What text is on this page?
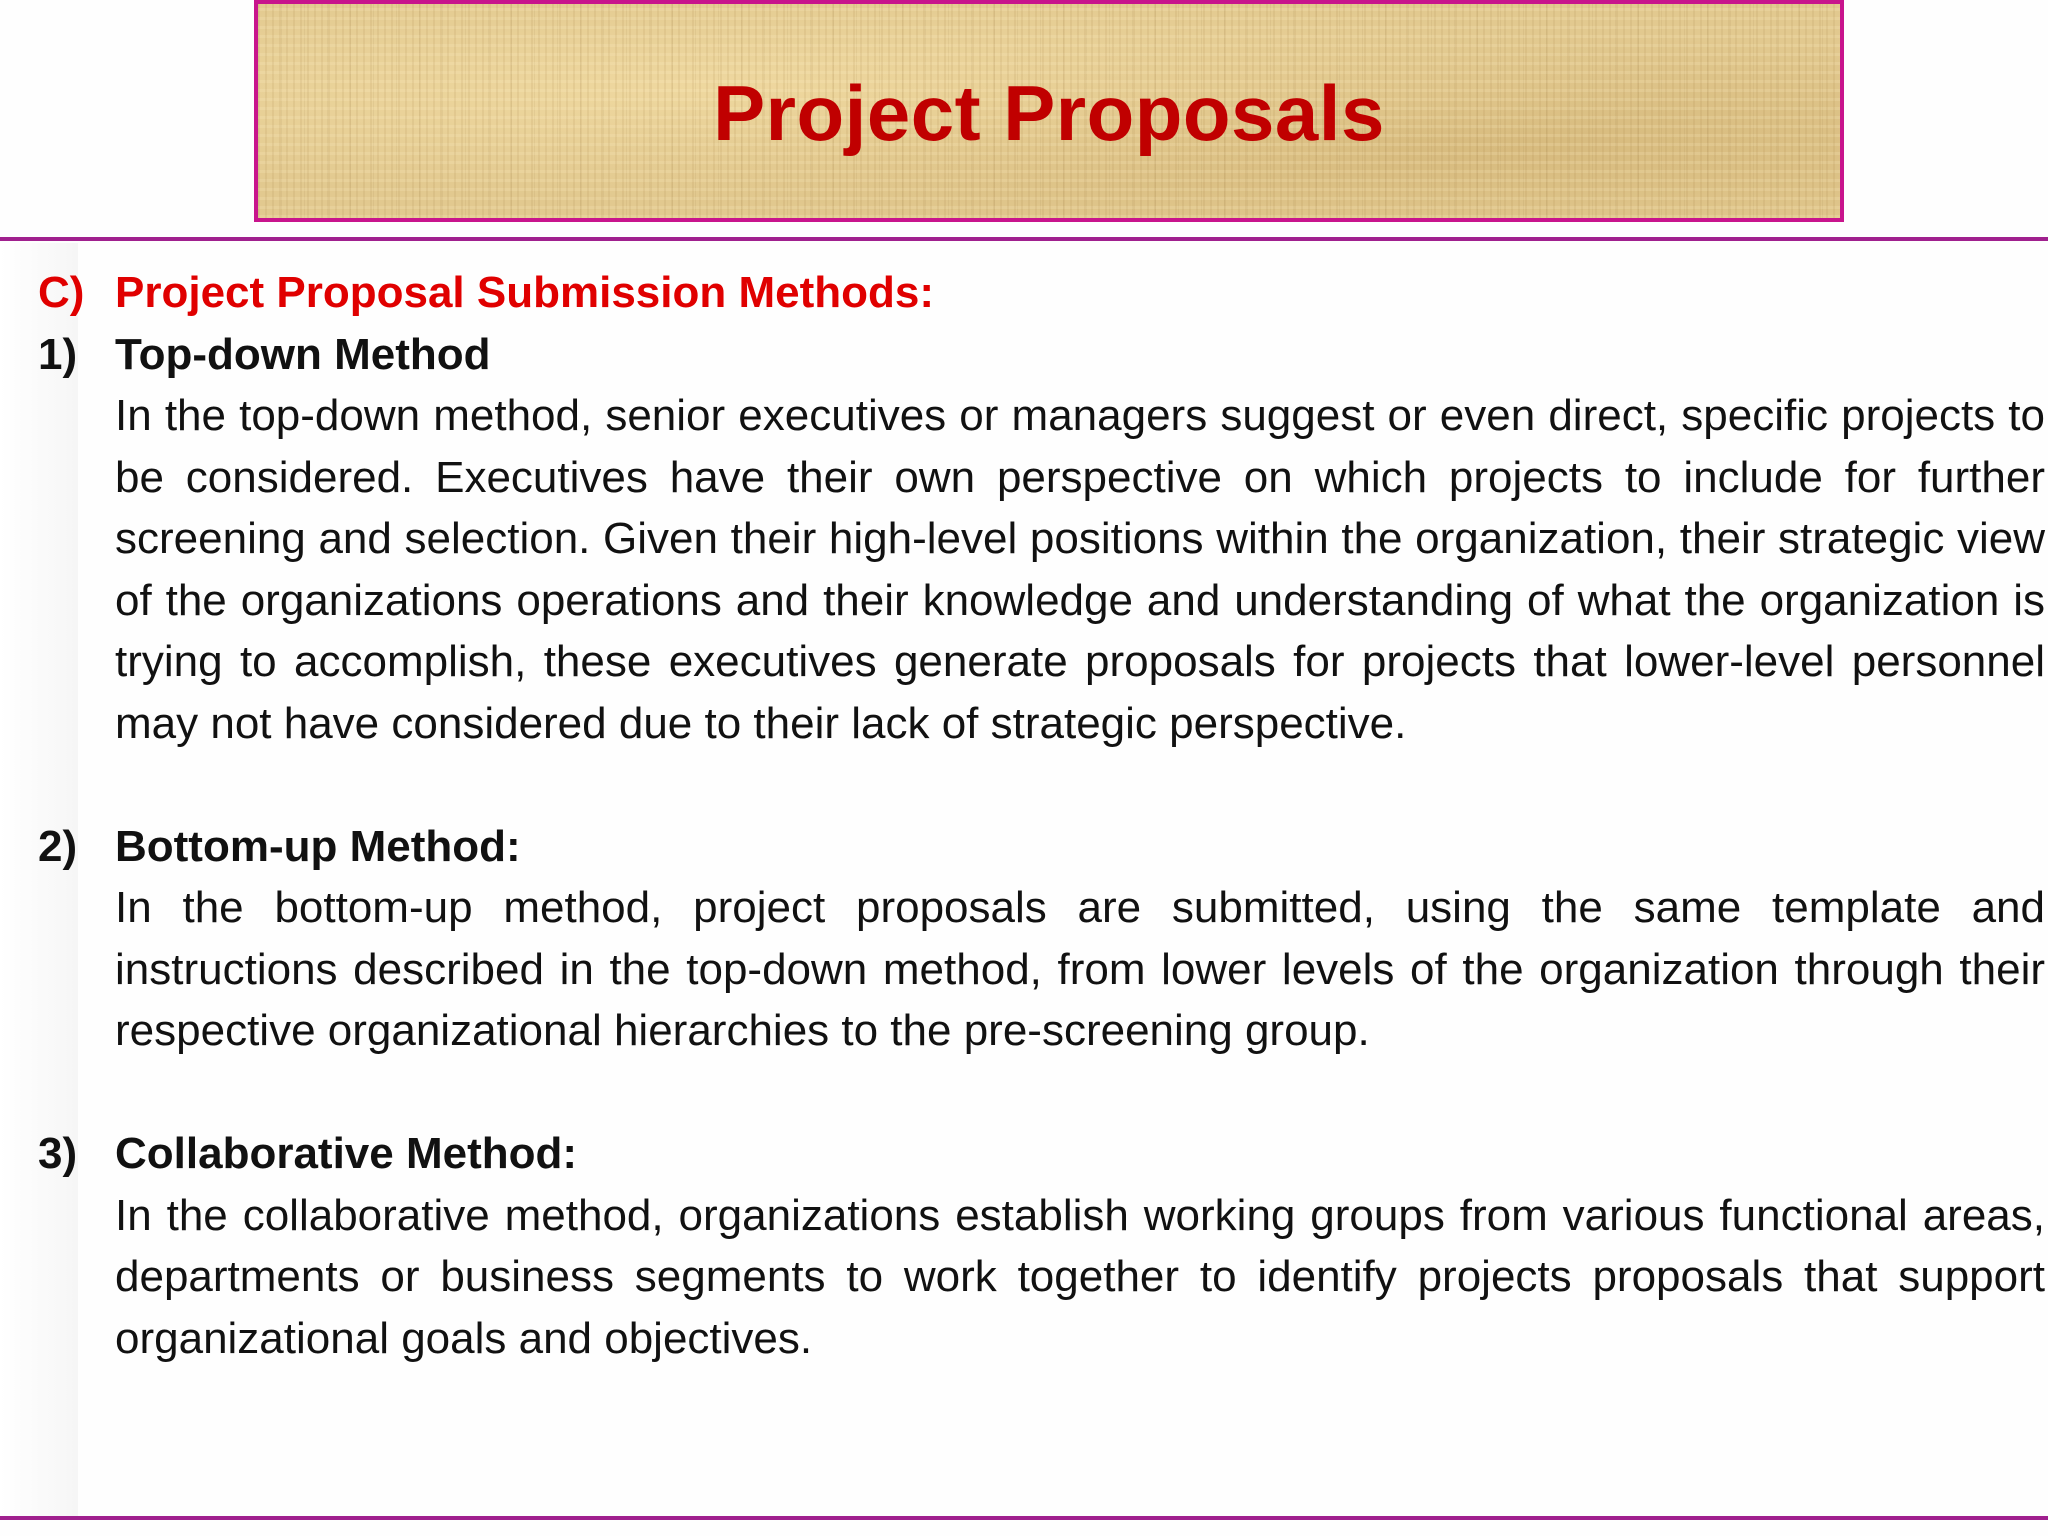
Project Proposals
C) Project Proposal Submission Methods:
1) Top-down Method
In the top-down method, senior executives or managers suggest or even direct, specific projects to be considered. Executives have their own perspective on which projects to include for further screening and selection. Given their high-level positions within the organization, their strategic view of the organizations operations and their knowledge and understanding of what the organization is trying to accomplish, these executives generate proposals for projects that lower-level personnel may not have considered due to their lack of strategic perspective.
2) Bottom-up Method:
In the bottom-up method, project proposals are submitted, using the same template and instructions described in the top-down method, from lower levels of the organization through their respective organizational hierarchies to the pre-screening group.
3) Collaborative Method:
In the collaborative method, organizations establish working groups from various functional areas, departments or business segments to work together to identify projects proposals that support organizational goals and objectives.
